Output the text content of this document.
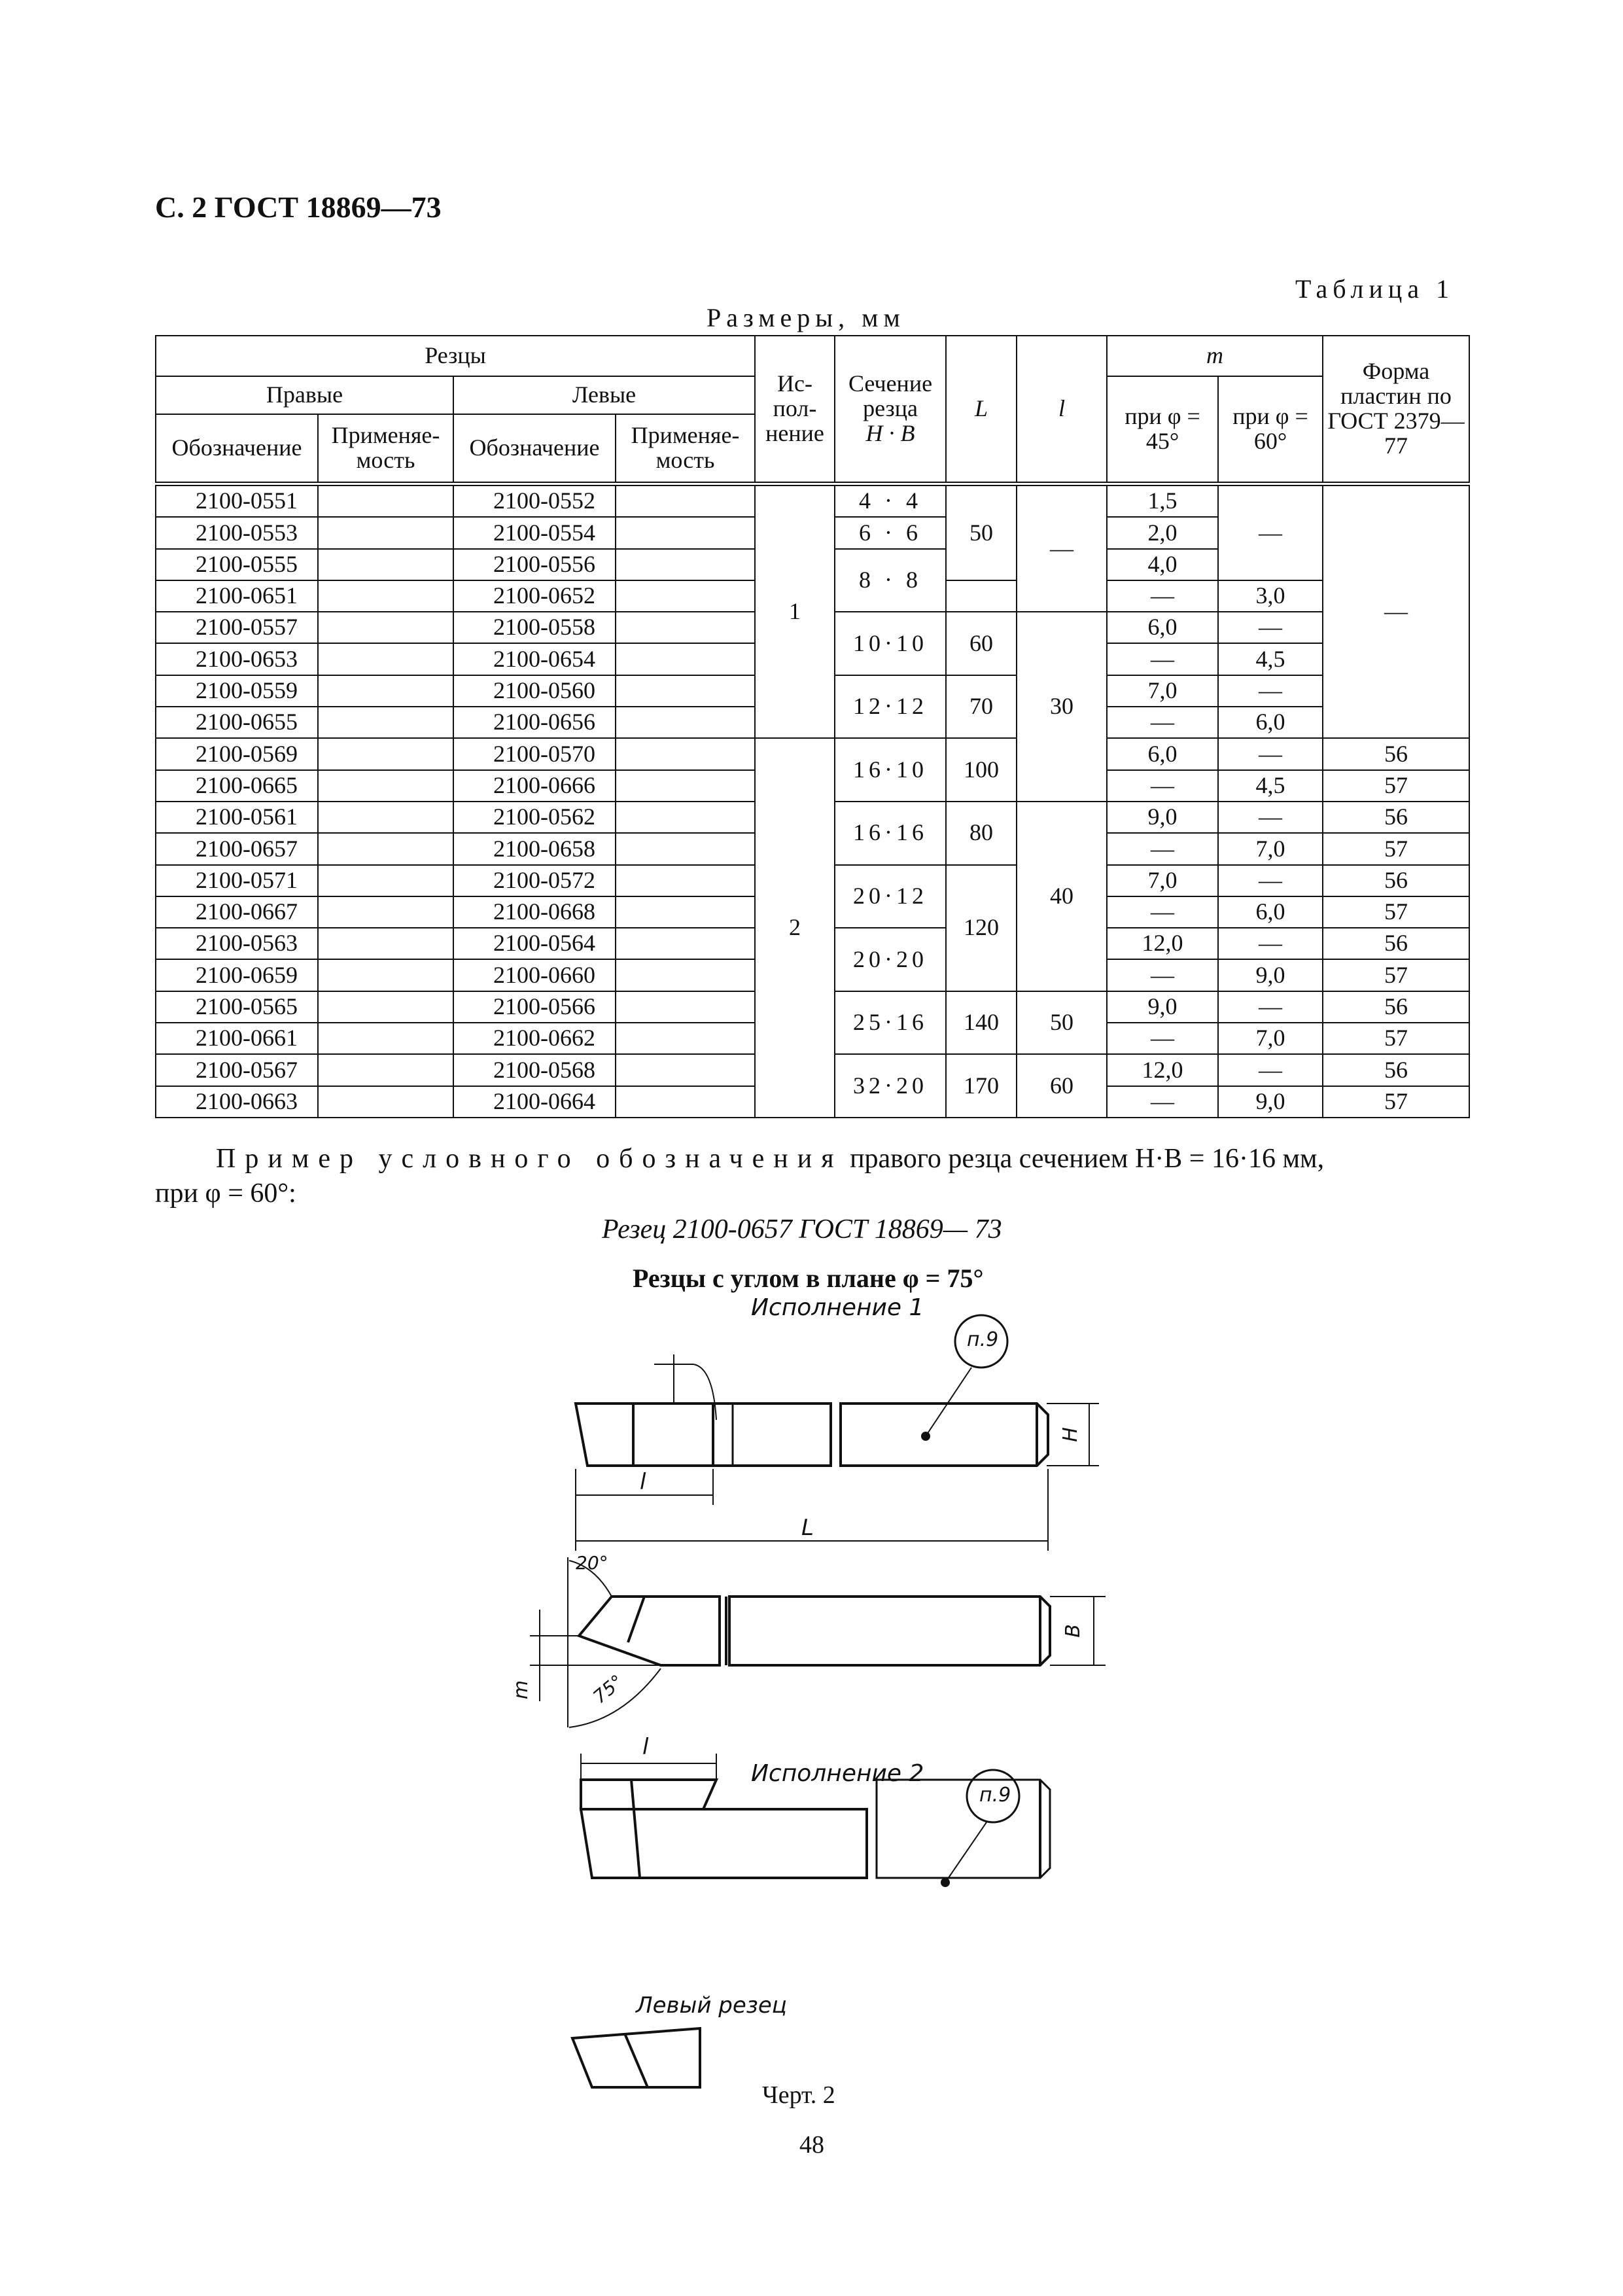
С. 2 ГОСТ 18869—73
Таблица 1
Размеры, мм
Резцы				Ис-пол-нение	Сечение резца
H · B	L	l	m		Форма пластин по ГОСТ 2379—77
Правые		Левые						при φ = 45°	при φ = 60°	
Обозначение	Применяе-мость	Обозначение	Применяе-мость							
2100-0551		2100-0552		1	4 · 4	50	—	1,5	—	—
2100-0553		2100-0554			6 · 6			2,0		
2100-0555		2100-0556			8 · 8			4,0		
2100-0651		2100-0652						—	3,0	
2100-0557		2100-0558			10·10	60	30	6,0	—	
2100-0653		2100-0654						—	4,5	
2100-0559		2100-0560			12·12	70		7,0	—	
2100-0655		2100-0656						—	6,0	
2100-0569		2100-0570		2	16·10	100		6,0	—	56
2100-0665		2100-0666						—	4,5	57
2100-0561		2100-0562			16·16	80	40	9,0	—	56
2100-0657		2100-0658						—	7,0	57
2100-0571		2100-0572			20·12	120		7,0	—	56
2100-0667		2100-0668						—	6,0	57
2100-0563		2100-0564			20·20			12,0	—	56
2100-0659		2100-0660						—	9,0	57
2100-0565		2100-0566			25·16	140	50	9,0	—	56
2100-0661		2100-0662						—	7,0	57
2100-0567		2100-0568			32·20	170	60	12,0	—	56
2100-0663		2100-0664						—	9,0	57
Пример условного обозначения правого резца сечением H·B = 16·16 мм,
при φ = 60°:
Резец 2100-0657 ГОСТ 18869— 73
Резцы с углом в плане φ = 75°
Исполнение 1
п.9
l
L
H
B
m
20°
75°
Исполнение 2
п.9
l
Левый резец
Черт. 2
48
